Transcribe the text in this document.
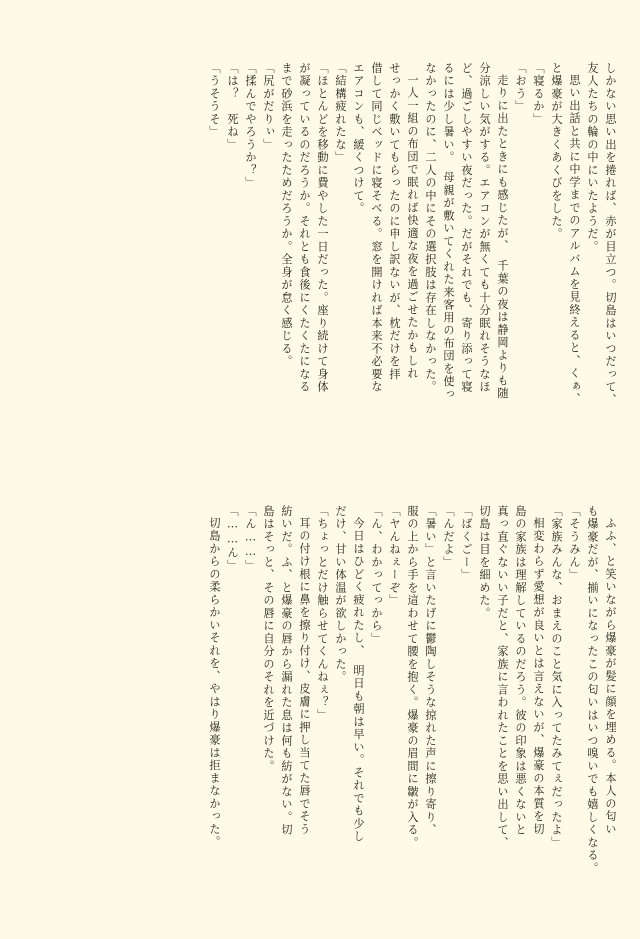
しかない思い出を捲れば、赤が目立つ。切島はいつだって、
友人たちの輪の中にいたようだ。
思い出話と共に中学までのアルバムを見終えると、くぁ、
と爆豪が大きくあくびをした。
「寝るか」
「おう」
走りに出たときにも感じたが、　千葉の夜は静岡よりも随
分涼しい気がする。エアコンが無くても十分眠れそうなほ
ど、過ごしやすい夜だった。だがそれでも、寄り添って寝
るには少し暑い。　母親が敷いてくれた来客用の布団を使っ
なかったのに、二人の中にその選択肢は存在しなかった。
一人一組の布団で眠れば快適な夜を過ごせたかもしれ
せっかく敷いてもらったのに申し訳ないが、枕だけを拝
借して同じベッドに寝そべる。窓を開ければ本来不必要な
エアコンも、緩くつけて。
「結構疲れたな」
「ほとんどを移動に費やした一日だった。座り続けて身体
が凝っているのだろうか。それとも食後にくたくたになる
まで砂浜を走ったためだろうか。全身が怠く感じる。
「尻がだりぃ」
「揉んでやろうか？」
「は？　死ね」
「うそうそ」
ふふ、と笑いながら爆豪が髪に顔を埋める。本人の匂い
も爆豪だが、揃いになったこの匂いはいつ嗅いでも嬉しくなる。
「そうみん」
「家族みんな、おまえのこと気に入ってたみてぇだったよ」
相変わらず愛想が良いとは言えないが、爆豪の本質を切
島の家族は理解しているのだろう。彼の印象は悪くないと
真っ直ぐないい子だと、家族に言われたことを思い出して、
切島は目を細めた。
「ばくごー」
「んだよ」
「暑い」と言いたげに鬱陶しそうな掠れた声に擦り寄り、
服の上から手を這わせて腰を抱く。爆豪の眉間に皺が入る。
「ヤんねぇーぞ」
「ん、わかってっから」
今日はひどく疲れたし、　明日も朝は早い。それでも少し
だけ、甘い体温が欲しかった。
「ちょっとだけ触らせてくんねぇ？」
耳の付け根に鼻を擦り付け、皮膚に押し当てた唇でそう
紡いだ。ふ、と爆豪の唇から漏れた息は何も紡がない。切
島はそっと、その唇に自分のそれを近づけた。
「ん……」
「……ん」
切島からの柔らかいそれを、やはり爆豪は拒まなかった。
